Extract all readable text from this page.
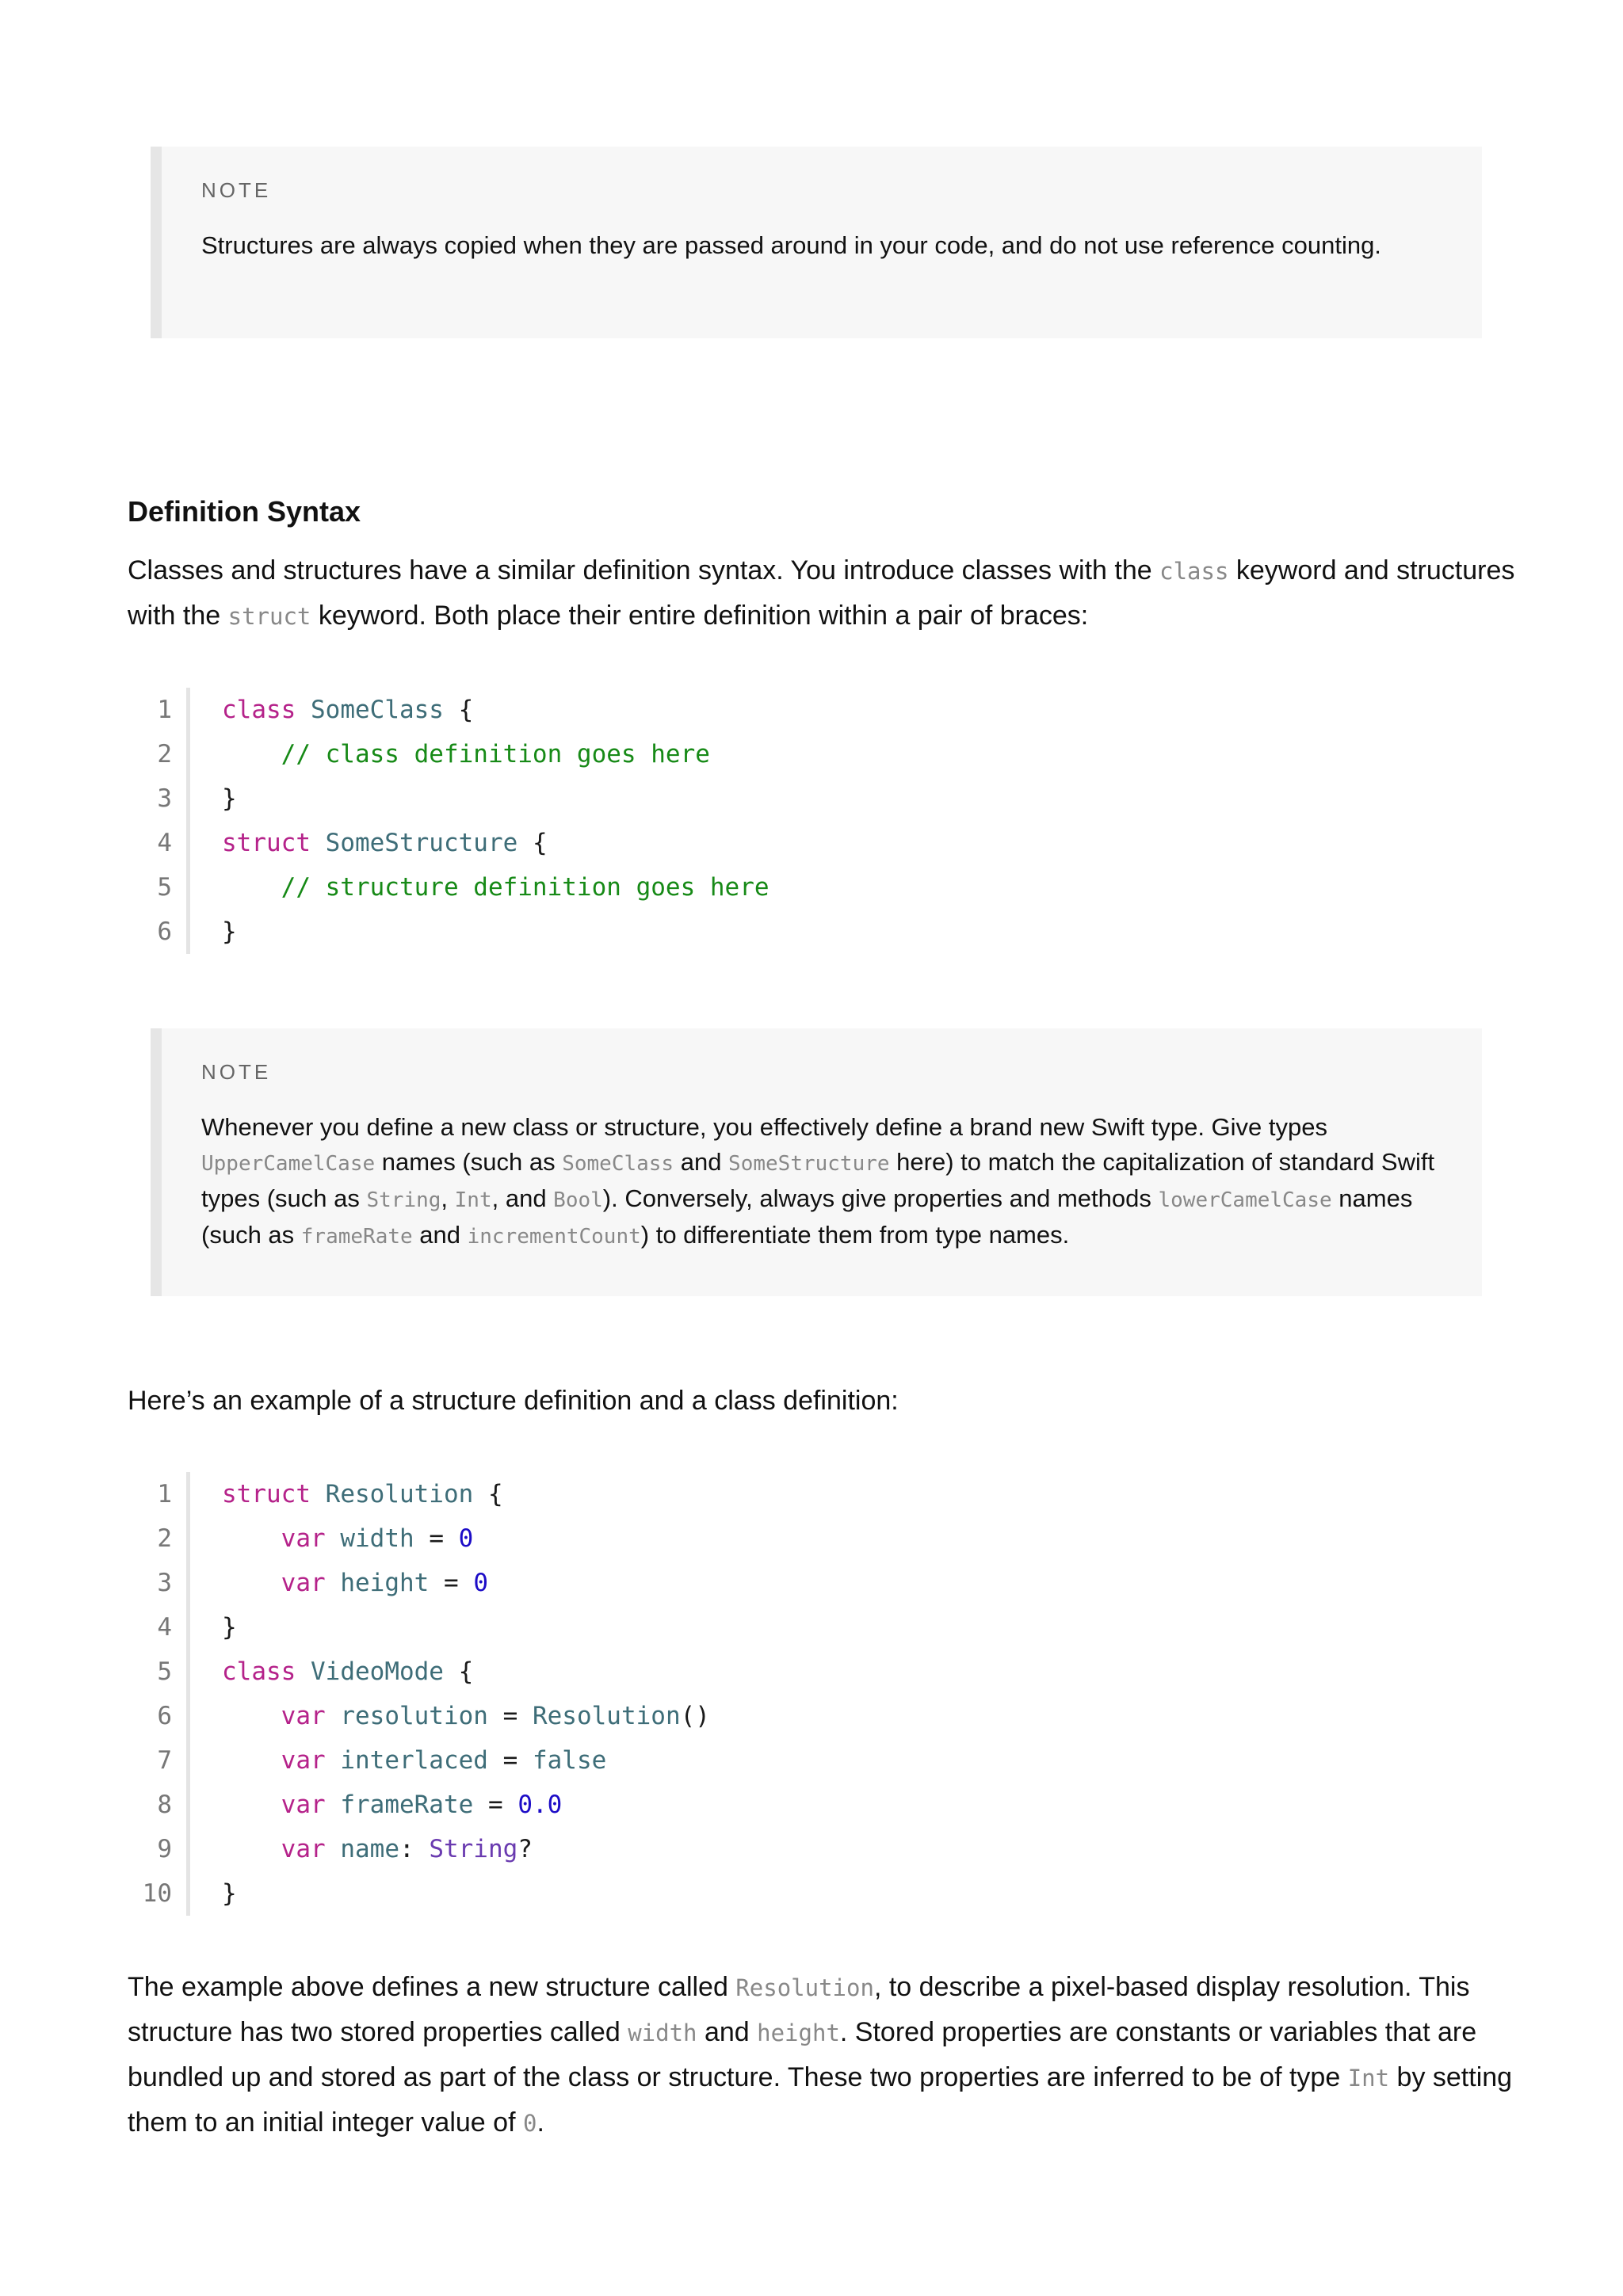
NOTE

Structures are always copied when they are passed around in your code, and do not use reference counting.

Definition Syntax

Classes and structures have a similar definition syntax. You introduce classes with the class keyword and structures with the struct keyword. Both place their entire definition within a pair of braces:

1	class SomeClass {
2	// class definition goes here
3	}
4	struct SomeStructure {
5	// structure definition goes here
6	}

NOTE

Whenever you define a new class or structure, you effectively define a brand new Swift type. Give types UpperCamelCase names (such as SomeClass and SomeStructure here) to match the capitalization of standard Swift types (such as String, Int, and Bool). Conversely, always give properties and methods lowerCamelCase names (such as frameRate and incrementCount) to differentiate them from type names.

Here’s an example of a structure definition and a class definition:

1	struct Resolution {
2	var width = 0
3	var height = 0
4	}
5	class VideoMode {
6	var resolution = Resolution()
7	var interlaced = false
8	var frameRate = 0.0
9	var name: String?
10	}

The example above defines a new structure called Resolution, to describe a pixel-based display resolution. This structure has two stored properties called width and height. Stored properties are constants or variables that are bundled up and stored as part of the class or structure. These two properties are inferred to be of type Int by setting them to an initial integer value of 0.
